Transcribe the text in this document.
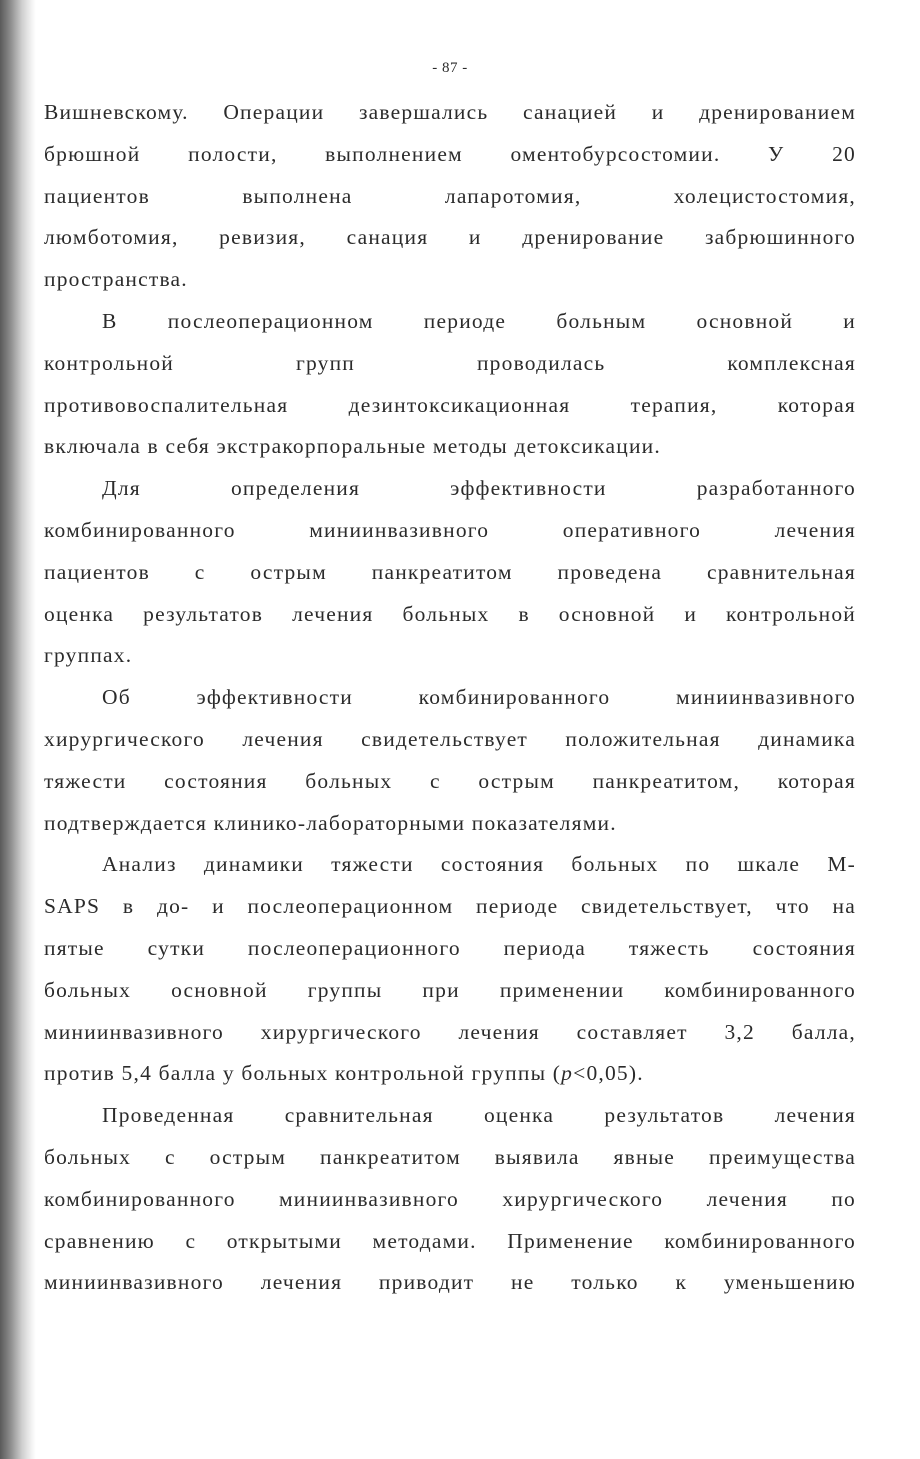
- 87 -
Вишневскому. Операции завершались санацией и дренированием
брюшной полости, выполнением оментобурсостомии. У 20
пациентов выполнена лапаротомия, холецистостомия,
люмботомия, ревизия, санация и дренирование забрюшинного
пространства.
В послеоперационном периоде больным основной и
контрольной групп проводилась комплексная
противовоспалительная дезинтоксикационная терапия, которая
включала в себя экстракорпоральные методы детоксикации.
Для определения эффективности разработанного
комбинированного миниинвазивного оперативного лечения
пациентов с острым панкреатитом проведена сравнительная
оценка результатов лечения больных в основной и контрольной
группах.
Об эффективности комбинированного миниинвазивного
хирургического лечения свидетельствует положительная динамика
тяжести состояния больных с острым панкреатитом, которая
подтверждается клинико-лабораторными показателями.
Анализ динамики тяжести состояния больных по шкале М-
SAPS в до- и послеоперационном периоде свидетельствует, что на
пятые сутки послеоперационного периода тяжесть состояния
больных основной группы при применении комбинированного
миниинвазивного хирургического лечения составляет 3,2 балла,
против 5,4 балла у больных контрольной группы (p<0,05).
Проведенная сравнительная оценка результатов лечения
больных с острым панкреатитом выявила явные преимущества
комбинированного миниинвазивного хирургического лечения по
сравнению с открытыми методами. Применение комбинированного
миниинвазивного лечения приводит не только к уменьшению
